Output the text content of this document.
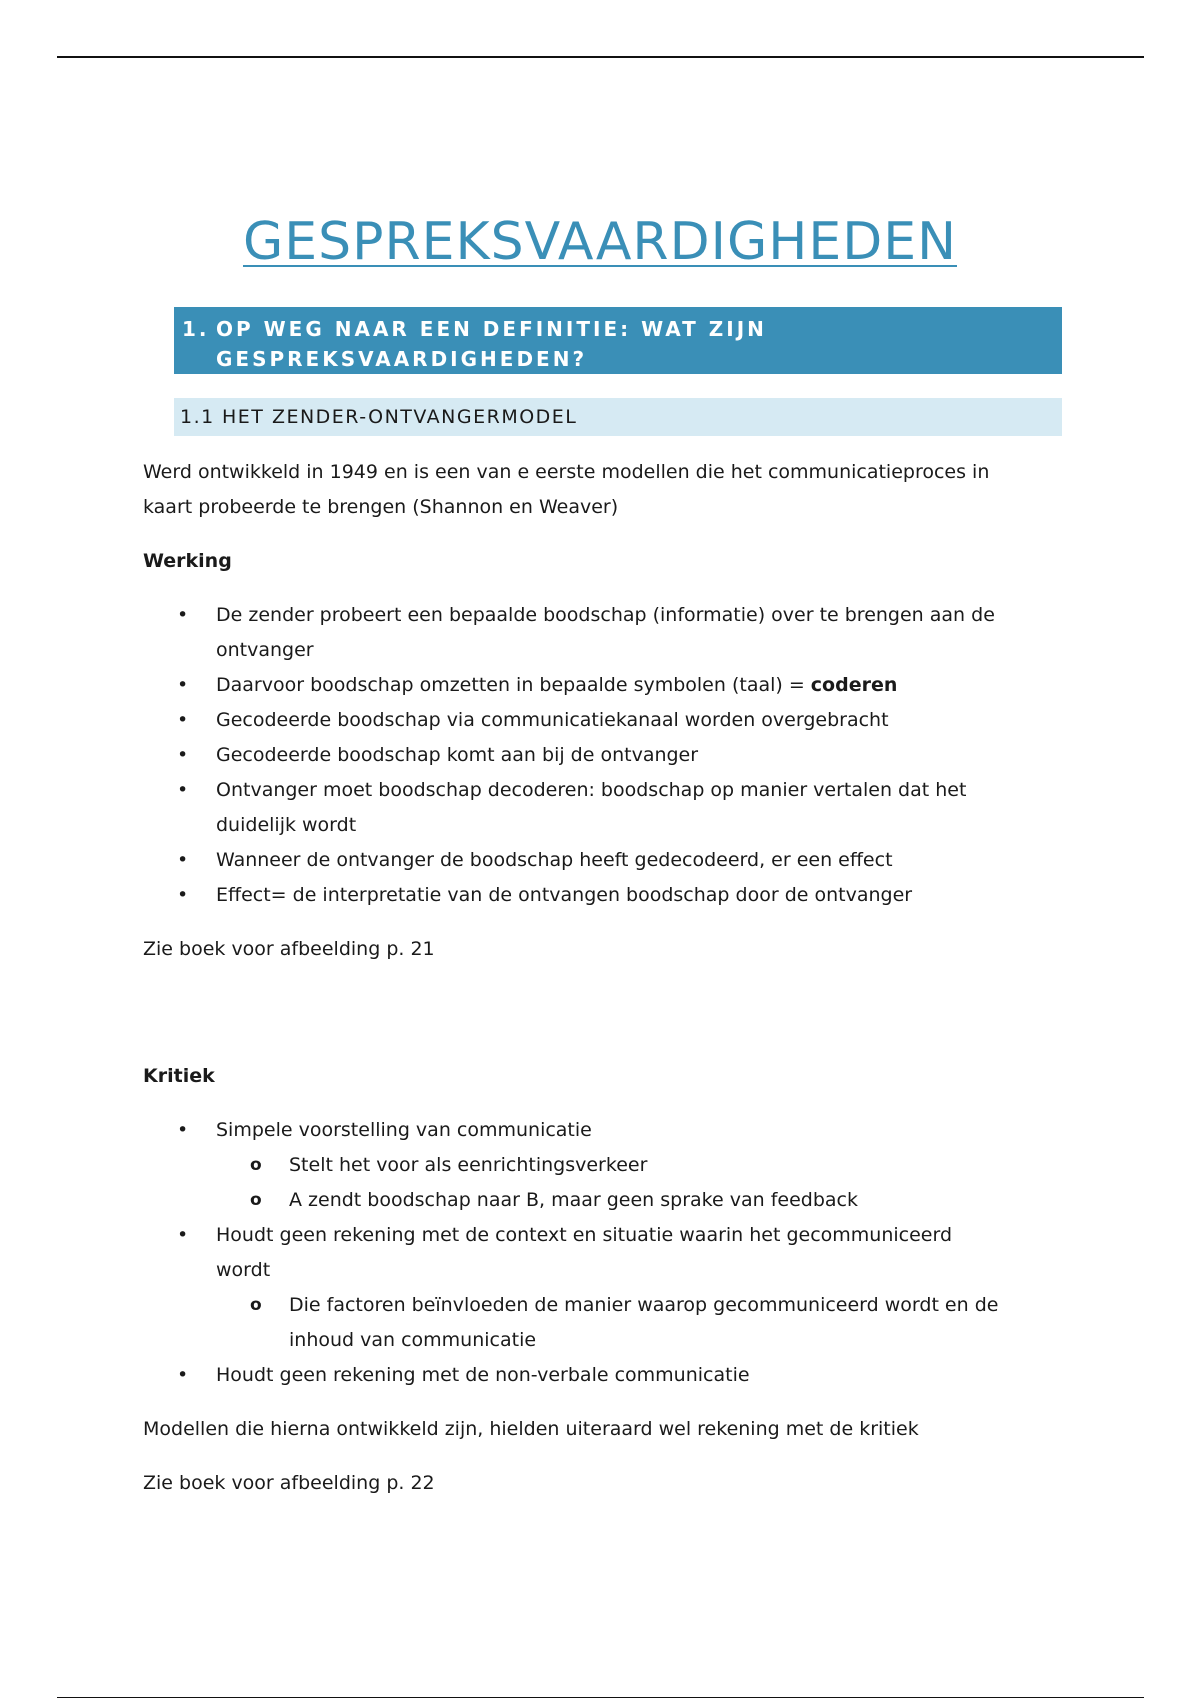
GESPREKSVAARDIGHEDEN
1. OP WEG NAAR EEN DEFINITIE: WAT ZIJN
GESPREKSVAARDIGHEDEN?
1.1 HET ZENDER-ONTVANGERMODEL

Werd ontwikkeld in 1949 en is een van e eerste modellen die het communicatieproces in
kaart probeerde te brengen (Shannon en Weaver)

Werking

• De zender probeert een bepaalde boodschap (informatie) over te brengen aan de
ontvanger
• Daarvoor boodschap omzetten in bepaalde symbolen (taal) = coderen
• Gecodeerde boodschap via communicatiekanaal worden overgebracht
• Gecodeerde boodschap komt aan bij de ontvanger
• Ontvanger moet boodschap decoderen: boodschap op manier vertalen dat het
duidelijk wordt
• Wanneer de ontvanger de boodschap heeft gedecodeerd, er een effect
• Effect= de interpretatie van de ontvangen boodschap door de ontvanger

Zie boek voor afbeelding p. 21

Kritiek

• Simpele voorstelling van communicatie
o Stelt het voor als eenrichtingsverkeer
o A zendt boodschap naar B, maar geen sprake van feedback
• Houdt geen rekening met de context en situatie waarin het gecommuniceerd
wordt
o Die factoren beïnvloeden de manier waarop gecommuniceerd wordt en de
inhoud van communicatie
• Houdt geen rekening met de non-verbale communicatie

Modellen die hierna ontwikkeld zijn, hielden uiteraard wel rekening met de kritiek

Zie boek voor afbeelding p. 22
